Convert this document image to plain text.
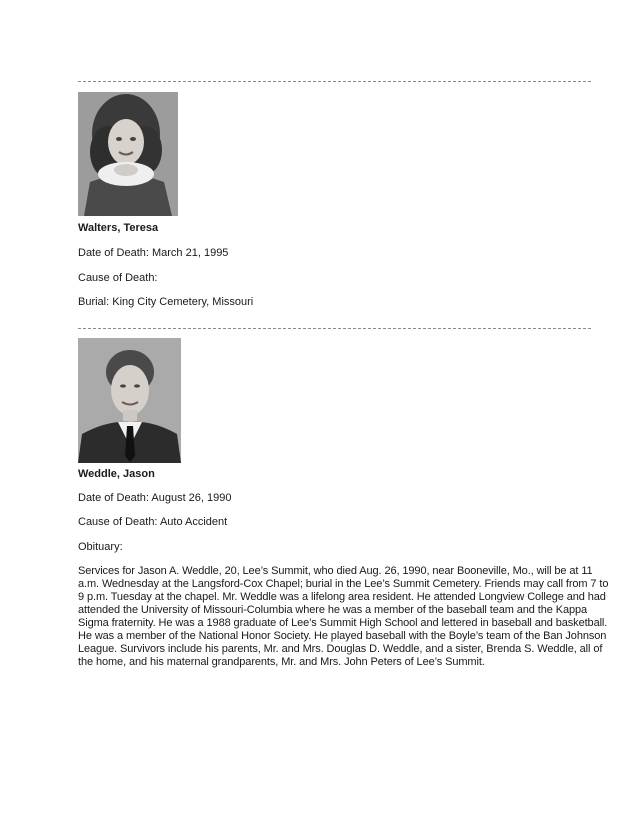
Walters, Teresa
Date of Death: March 21, 1995
Cause of Death:
Burial: King City Cemetery, Missouri
Weddle, Jason
Date of Death: August 26, 1990
Cause of Death: Auto Accident
Obituary:
Services for Jason A. Weddle, 20, Lee’s Summit, who died Aug. 26, 1990, near Booneville, Mo., will be at 11
a.m. Wednesday at the Langsford-Cox Chapel; burial in the Lee’s Summit Cemetery. Friends may call from 7 to
9 p.m. Tuesday at the chapel. Mr. Weddle was a lifelong area resident. He attended Longview College and had
attended the University of Missouri-Columbia where he was a member of the baseball team and the Kappa
Sigma fraternity. He was a 1988 graduate of Lee’s Summit High School and lettered in baseball and basketball.
He was a member of the National Honor Society. He played baseball with the Boyle’s team of the Ban Johnson
League. Survivors include his parents, Mr. and Mrs. Douglas D. Weddle, and a sister, Brenda S. Weddle, all of
the home, and his maternal grandparents, Mr. and Mrs. John Peters of Lee’s Summit.
